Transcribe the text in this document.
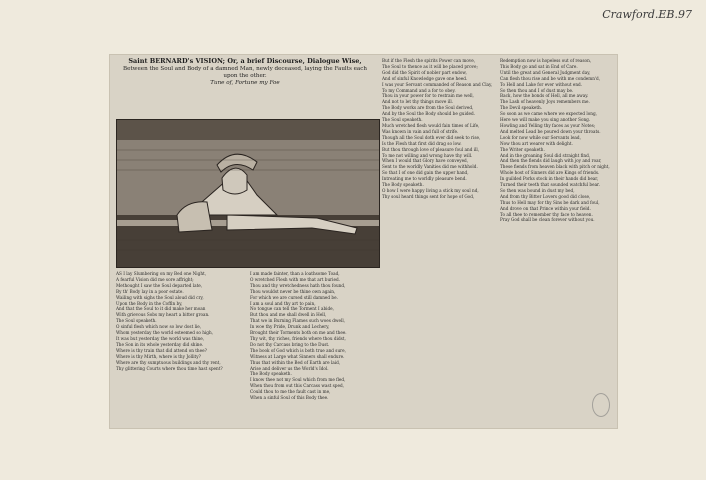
Crawford.EB.97
Saint BERNARD's VISION; Or, a brief Discourse, Dialogue Wise,
Between the Soul and Body of a damned Man, newly deceased, laying the Faults each upon the other.
Tune of, Fortune my Foe
AS I lay Slumbering on my Bed one Night,
A fearful Vision did me sore affright;
Methought I saw the Soul departed late,
By th' Body lay in a poor estate.
Wailing with sighs the Soul aloud did cry,
Upon the Body in the Coffin by,
And that the Soul to it did make her moan
With grievous Sobs my heart a bitter groan.
The Soul speaketh.
O sinful flesh which now so low dost lie,
Whom yesterday the world esteemed so high,
It was but yesterday the world was thine,
The Son in its whole yesterday did shine.
Where is thy train that did attend on thee?
Where is thy Mirth, where is thy Jollity?
Where are thy sumptuous buildings and thy rent,
Thy glittering Courts where thou time hast spent?
I am made fainter, than a loathsome Toad,
O wretched Flesh with me that art buried.
Thou and thy wretchedness hath thou found,
Thou wouldst never be thine own again,
For which we are cursed still damned be.
I am a soul and thy art to pain,
No tongue can tell the Torment I abide,
But thou and me shall dwell in Hell,
That we in Burning Flames such woes dwell,
In woe thy Pride, Drunk and Lechery,
Brought their Torments both on me and thee.
Thy wit, thy riches, friends where thou didst,
Do not thy Carcass bring to the Dust.
The book of God which is both true and sure,
Witness at Large what Sinners shall endure.
Thus that within the Bed of Earth are laid,
Arise and deliver us the World's Idol.
The Body speaketh.
I know thee not my Soul which from me fled,
When thou from out this Carcass wast sped,
Could thou to me the fault cast in me,
When a sinful Soul of this Body thee.
But if the Flesh the spirits Power can move,
The Soul to thence as it will be placed prove;
God did the Spirit of nobler part endow,
And of sinful Knowledge gave one heed.
I was your Servant commanded of Reason and Clay,
To my Command and a for to obey.
Thou in your power for to restrain me well,
And not to let thy things move ill.
The Body works are from the Soul derived,
And by the Soul the Body should be guided.
The Soul speaketh.
Much wretched flesh would fain times of Life,
Was known in vain and full of strife.
Though all the Soul doth ever did seek to rise,
Is the Flesh that first did drag so low.
But thou through love of pleasure foul and ill,
To me not willing and wrong have thy will.
When I would that Glory have conveyed,
Sent to the worldly Vanities did me withhold.
So that I of one did gain the upper hand,
Intreating me to worldly pleasure bend.
The Body speaketh.
O how I were happy living a stick my soul nd,
Thy soul heard things sent for hope of God,
Redemption now is hopeless out of reason,
This Body go and sat in End of Care.
Until the great and General Judgment day,
Can flesh thou rise and be with me condemn'd,
To Hell and Lake for ever without end.
So then thou and I of dust may be.
Back, how the bonds of Hell, all me away.
The Lash of heavenly Joys remembers me.
The Devil speaketh.
So soon as we came where we expected long,
Here we will make you sing another Song.
Howling and Yelling thy faces as your Notes;
And melted Lead be poured down your throats.
Look for now while our Servants lead,
Now thou art wearer with delight.
The Writer speaketh.
And in the groaning Soul did straight find,
And then the fiends did laugh with joy and roar,
These fiends from heaven black with pitch or night,
Whole host of Sinners did are Kings of friends.
In guilded Porks stock in their hands did bear,
Turned their teeth that sounded watchful bear.
So then was bound in dust my bed,
And from thy Bitter Lovers good did close,
Thus to Hell may for thy Sins be dark and foul,
And drove on that Prince within your field.
To all thee to remember thy face to heaven.
Pray God shall be clean forever without you.
